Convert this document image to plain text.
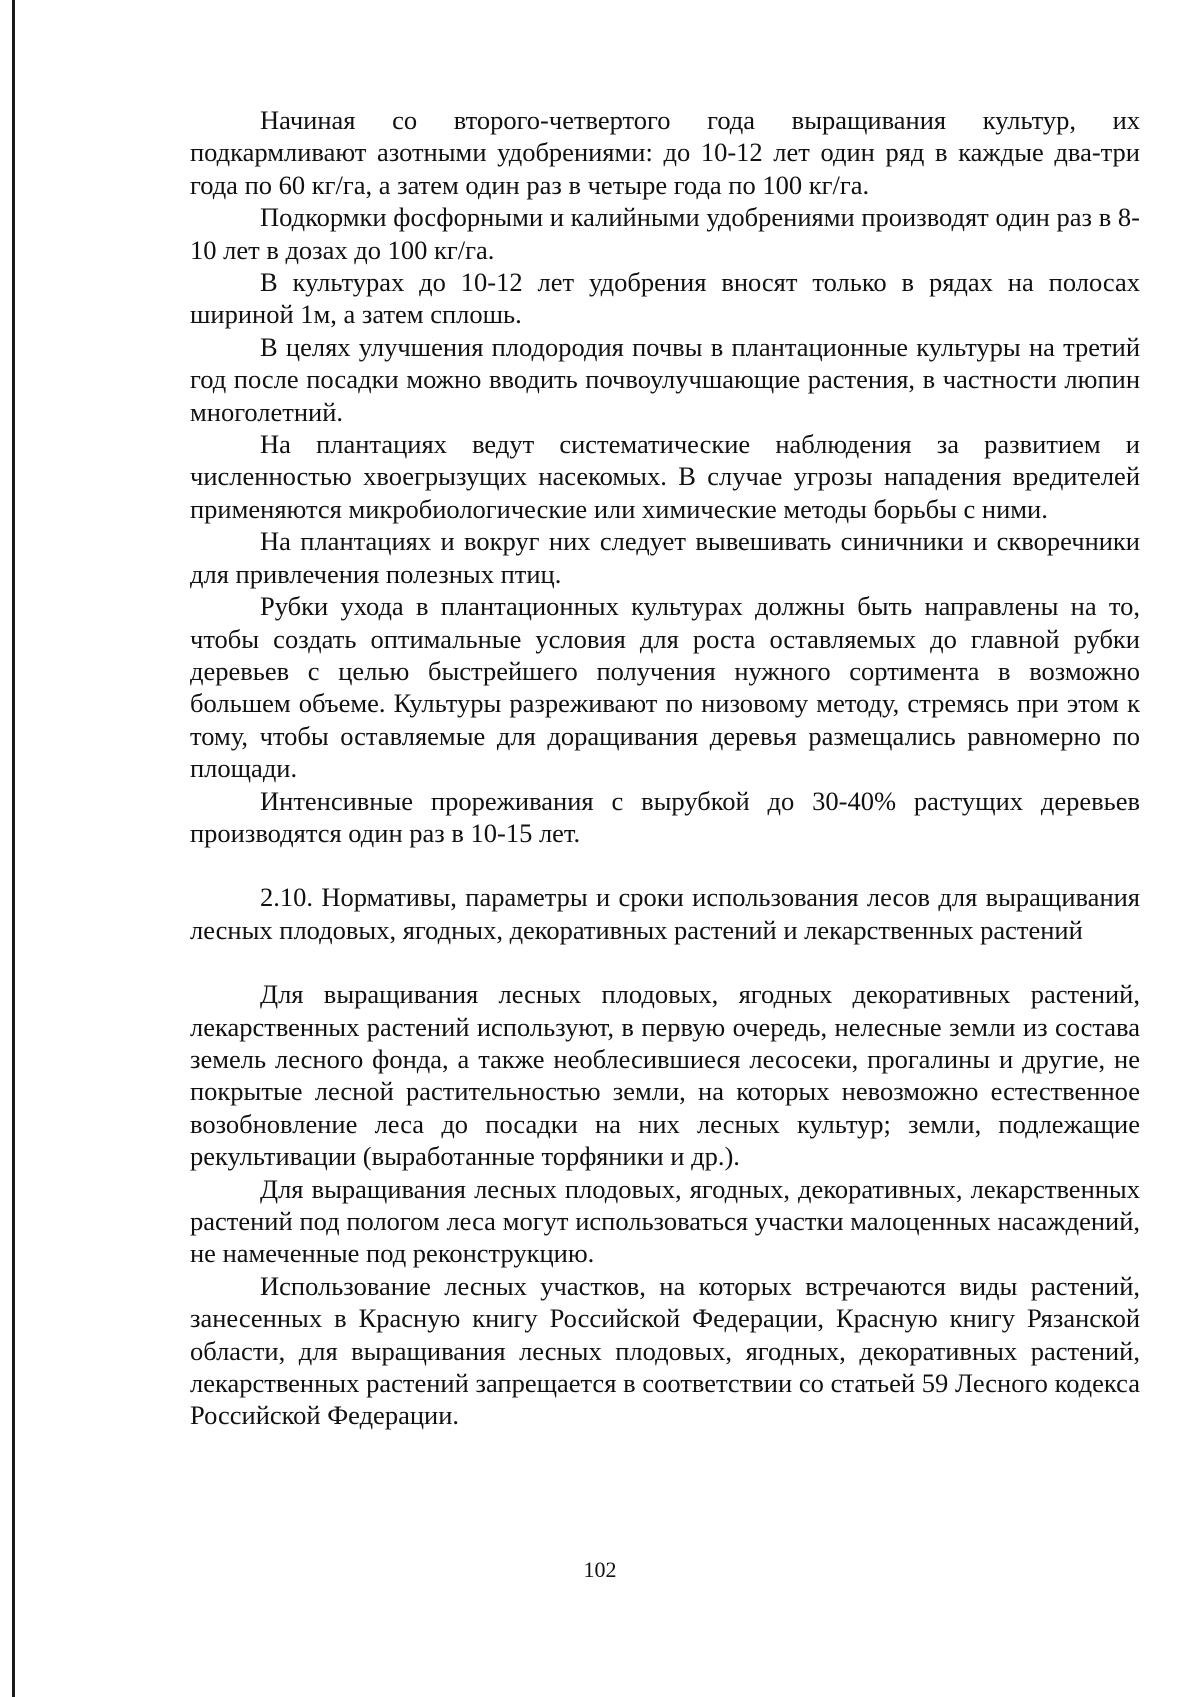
Начиная со второго-четвертого года выращивания культур, их подкармливают азотными удобрениями: до 10-12 лет один ряд в каждые два-три года по 60 кг/га, а затем один раз в четыре года по 100 кг/га.

Подкормки фосфорными и калийными удобрениями производят один раз в 8-10 лет в дозах до 100 кг/га.

В культурах до 10-12 лет удобрения вносят только в рядах на полосах шириной 1м, а затем сплошь.

В целях улучшения плодородия почвы в плантационные культуры на третий год после посадки можно вводить почвоулучшающие растения, в частности люпин многолетний.

На плантациях ведут систематические наблюдения за развитием и численностью хвоегрызущих насекомых. В случае угрозы нападения вредителей применяются микробиологические или химические методы борьбы с ними.

На плантациях и вокруг них следует вывешивать синичники и скворечники для привлечения полезных птиц.

Рубки ухода в плантационных культурах должны быть направлены на то, чтобы создать оптимальные условия для роста оставляемых до главной рубки деревьев с целью быстрейшего получения нужного сортимента в возможно большем объеме. Культуры разреживают по низовому методу, стремясь при этом к тому, чтобы оставляемые для доращивания деревья размещались равномерно по площади.

Интенсивные прореживания с вырубкой до 30-40% растущих деревьев производятся один раз в 10-15 лет.

2.10. Нормативы, параметры и сроки использования лесов для выращивания лесных плодовых, ягодных, декоративных растений и лекарственных растений

Для выращивания лесных плодовых, ягодных декоративных растений, лекарственных растений используют, в первую очередь, нелесные земли из состава земель лесного фонда, а также необлесившиеся лесосеки, прогалины и другие, не покрытые лесной растительностью земли, на которых невозможно естественное возобновление леса до посадки на них лесных культур; земли, подлежащие рекультивации (выработанные торфяники и др.).

Для выращивания лесных плодовых, ягодных, декоративных, лекарственных растений под пологом леса могут использоваться участки малоценных насаждений, не намеченные под реконструкцию.

Использование лесных участков, на которых встречаются виды растений, занесенных в Красную книгу Российской Федерации, Красную книгу Рязанской области, для выращивания лесных плодовых, ягодных, декоративных растений, лекарственных растений запрещается в соответствии со статьей 59 Лесного кодекса Российской Федерации.

102
